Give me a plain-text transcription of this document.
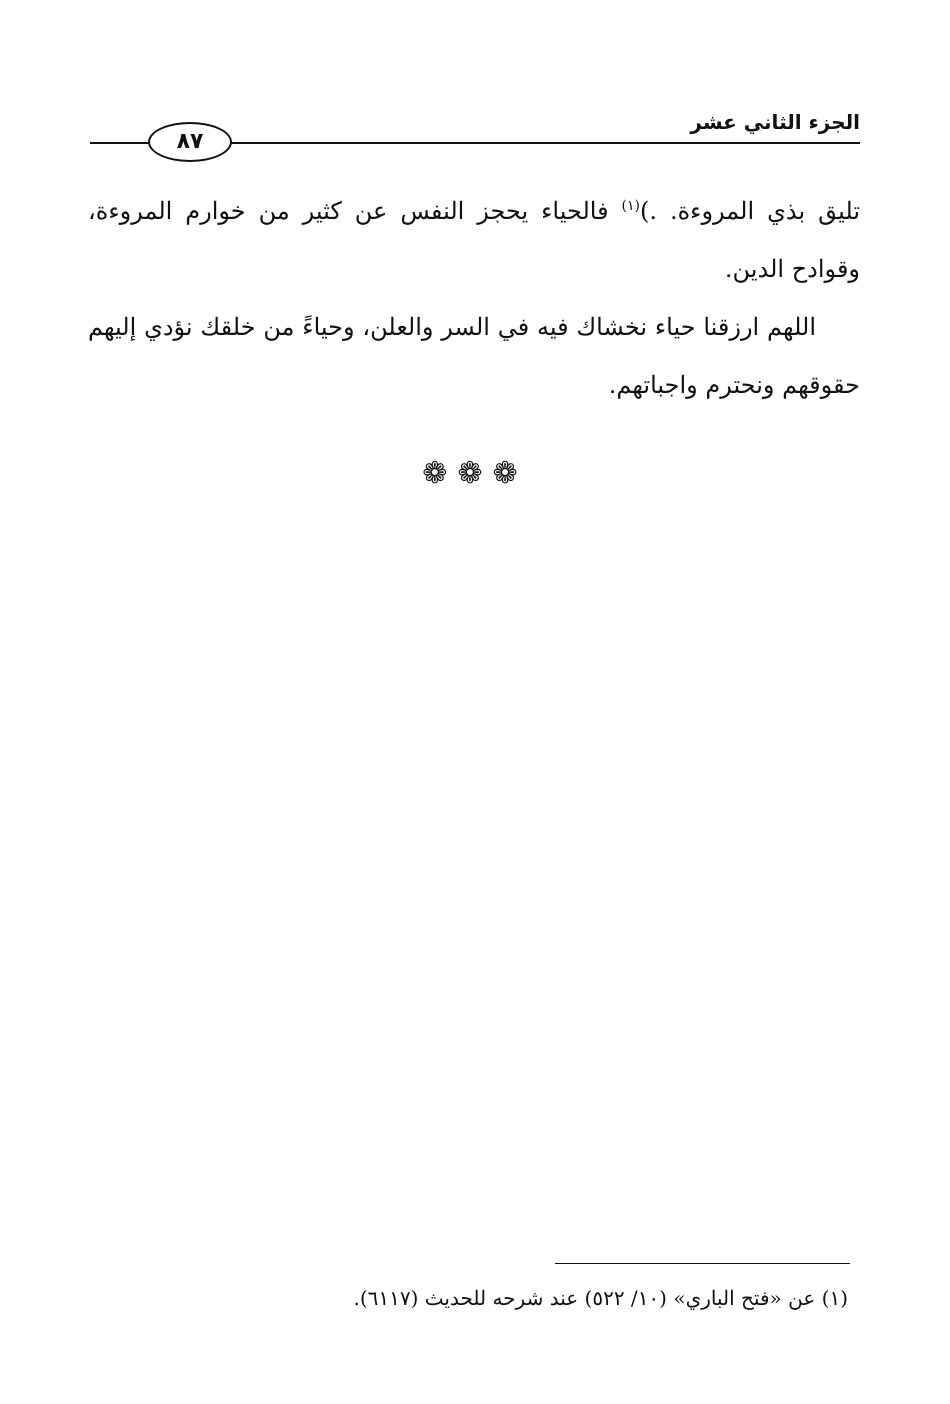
الجزء الثاني عشر
٨٧

تليق بذي المروءة. .)$^{(١)}$ فالحياء يحجز النفس عن كثير من خوارم المروءة، وقوادح الدين.

اللهم ارزقنا حياء نخشاك فيه في السر والعلن، وحياءً من خلقك نؤدي إليهم حقوقهم ونحترم واجباتهم.

❁❁❁
(١) عن «فتح الباري» (١٠/ ٥٢٢) عند شرحه للحديث (٦١١٧).
